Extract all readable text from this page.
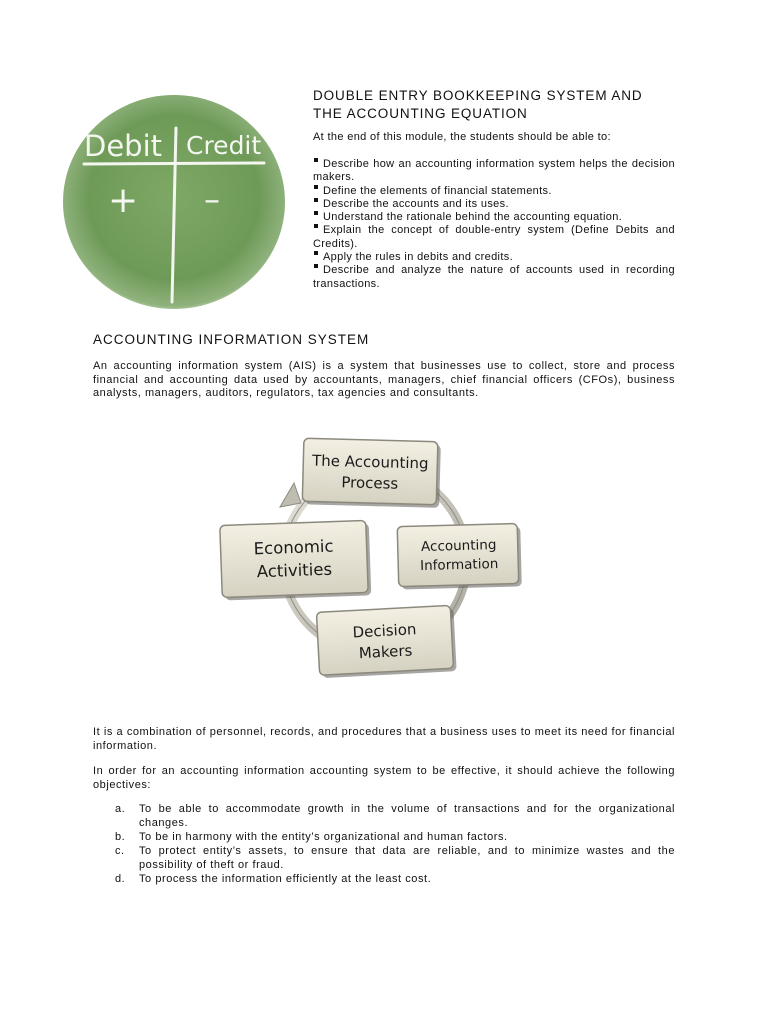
Debit Credit
+ –
DOUBLE ENTRY BOOKKEEPING SYSTEM AND
THE ACCOUNTING EQUATION
At the end of this module, the students should be able to:
Describe how an accounting information system helps the decision makers.
Define the elements of financial statements.
Describe the accounts and its uses.
Understand the rationale behind the accounting equation.
Explain the concept of double-entry system (Define Debits and Credits).
Apply the rules in debits and credits.
Describe and analyze the nature of accounts used in recording transactions.
ACCOUNTING INFORMATION SYSTEM

An accounting information system (AIS) is a system that businesses use to collect, store and process financial and accounting data used by accountants, managers, chief financial officers (CFOs), business analysts, managers, auditors, regulators, tax agencies and consultants.

The Accounting
Process
Accounting
Information
Decision
Makers
Economic
Activities

It is a combination of personnel, records, and procedures that a business uses to meet its need for financial information.

In order for an accounting information accounting system to be effective, it should achieve the following objectives:

a.	To be able to accommodate growth in the volume of transactions and for the organizational changes.
b.	To be in harmony with the entity’s organizational and human factors.
c.	To protect entity’s assets, to ensure that data are reliable, and to minimize wastes and the possibility of theft or fraud.
d.	To process the information efficiently at the least cost.
